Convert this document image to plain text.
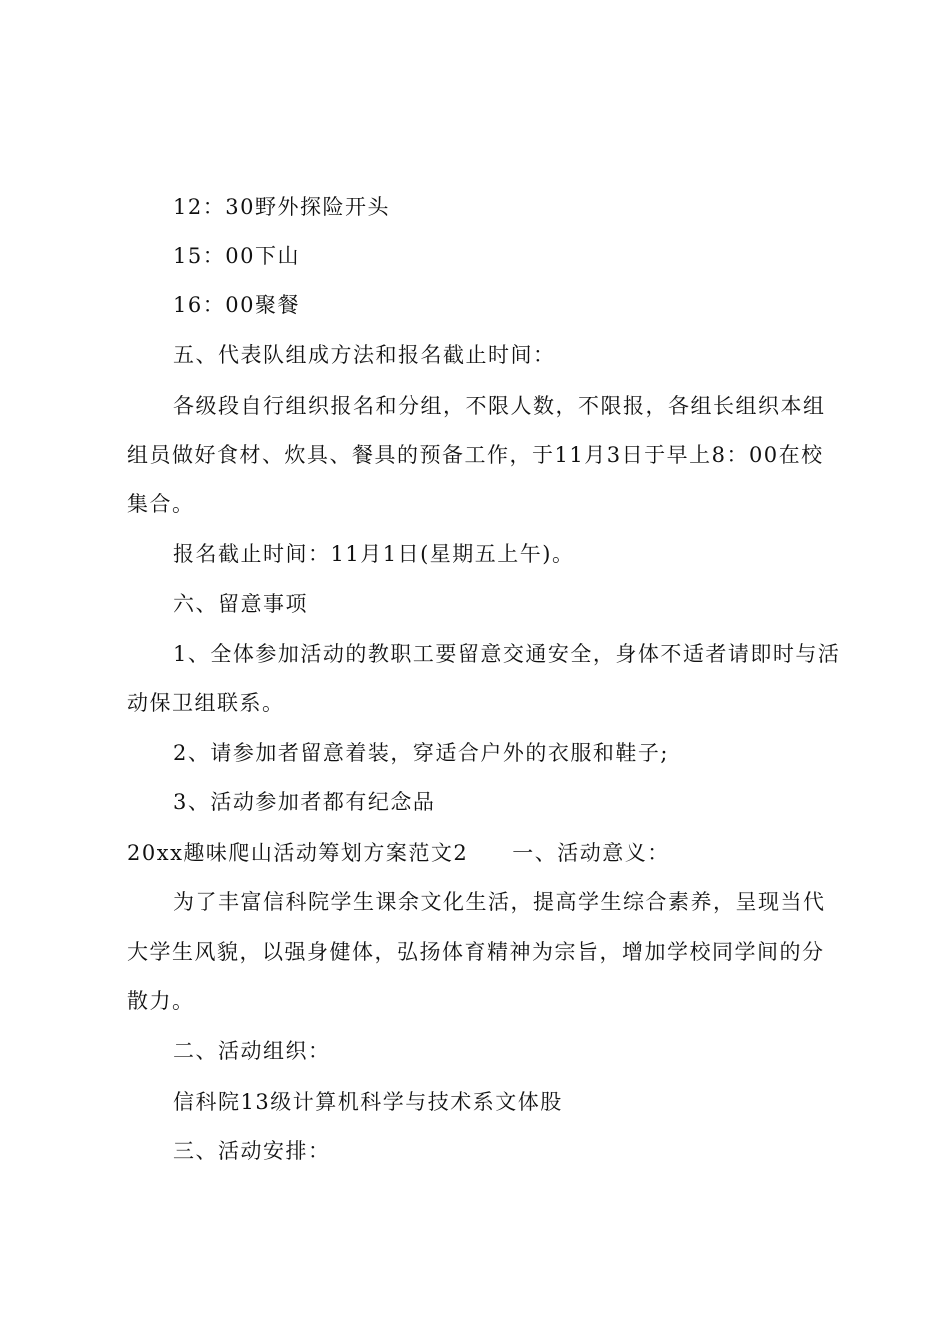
12：30野外探险开头
15：00下山
16：00聚餐
五、代表队组成方法和报名截止时间：
各级段自行组织报名和分组，不限人数，不限报，各组长组织本组
组员做好食材、炊具、餐具的预备工作，于11月3日于早上8：00在校
集合。
报名截止时间：11月1日(星期五上午)。
六、留意事项
1、全体参加活动的教职工要留意交通安全，身体不适者请即时与活
动保卫组联系。
2、请参加者留意着装，穿适合户外的衣服和鞋子;
3、活动参加者都有纪念品
20xx趣味爬山活动筹划方案范文2 一、活动意义：
为了丰富信科院学生课余文化生活，提高学生综合素养，呈现当代
大学生风貌，以强身健体，弘扬体育精神为宗旨，增加学校同学间的分
散力。
二、活动组织：
信科院13级计算机科学与技术系文体股
三、活动安排：
